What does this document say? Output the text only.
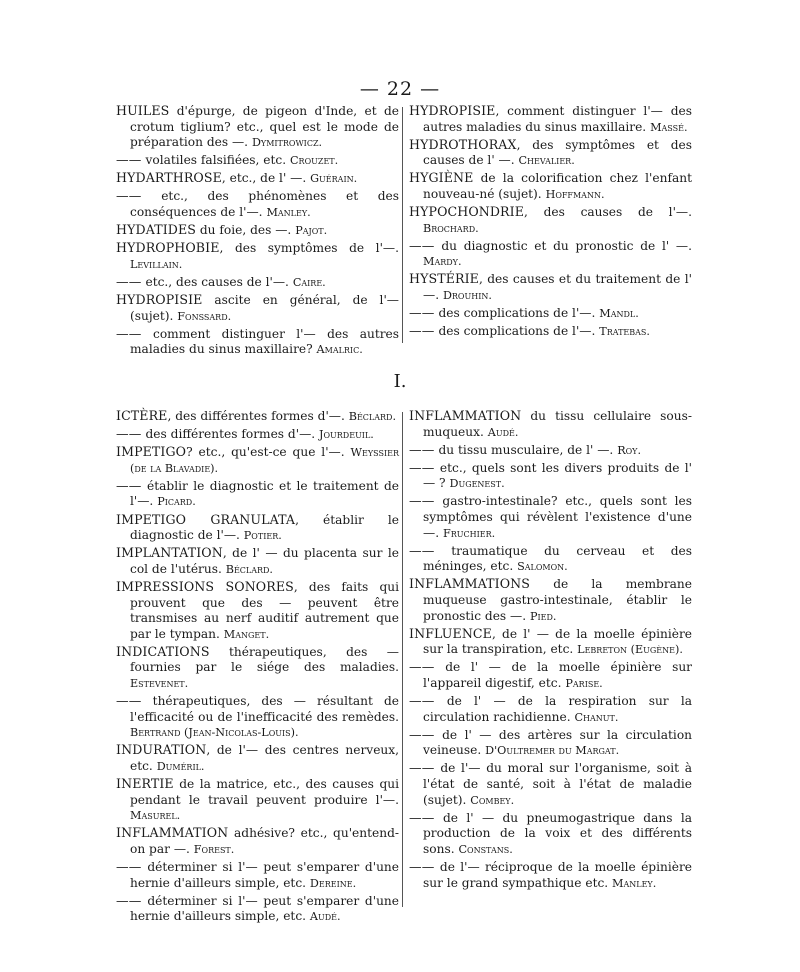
— 22 —
HUILES d'épurge, de pigeon d'Inde, et de crotum tiglium? etc., quel est le mode de préparation des —. Dymitrowicz.
—— volatiles falsifiées, etc. Crouzet.
HYDARTHROSE, etc., de l' —. Guérain.
—— etc., des phénomènes et des conséquences de l'—. Manley.
HYDATIDES du foie, des —. Pajot.
HYDROPHOBIE, des symptômes de l'—. Levillain.
—— etc., des causes de l'—. Caire.
HYDROPISIE ascite en général, de l'— (sujet). Fonssard.
—— comment distinguer l'— des autres maladies du sinus maxillaire? Amalric.
HYDROPISIE, comment distinguer l'— des autres maladies du sinus maxillaire. Massé.
HYDROTHORAX, des symptômes et des causes de l' —. Chevalier.
HYGIÈNE de la colorification chez l'enfant nouveau-né (sujet). Hoffmann.
HYPOCHONDRIE, des causes de l'—. Brochard.
—— du diagnostic et du pronostic de l' —. Mardy.
HYSTÉRIE, des causes et du traitement de l' —. Drouhin.
—— des complications de l'—. Mandl.
—— des complications de l'—. Tratebas.
I.
ICTÈRE, des différentes formes d'—. Béclard.
—— des différentes formes d'—. Jourdeuil.
IMPETIGO? etc., qu'est-ce que l'—. Weyssier (de la Blavadie).
—— établir le diagnostic et le traitement de l'—. Picard.
IMPETIGO GRANULATA, établir le diagnostic de l'—. Potier.
IMPLANTATION, de l' — du placenta sur le col de l'utérus. Béclard.
IMPRESSIONS SONORES, des faits qui prouvent que des — peuvent être transmises au nerf auditif autrement que par le tympan. Manget.
INDICATIONS thérapeutiques, des — fournies par le siége des maladies. Estevenet.
—— thérapeutiques, des — résultant de l'efficacité ou de l'inefficacité des remèdes. Bertrand (Jean-Nicolas-Louis).
INDURATION, de l'— des centres nerveux, etc. Duméril.
INERTIE de la matrice, etc., des causes qui pendant le travail peuvent produire l'—. Masurel.
INFLAMMATION adhésive? etc., qu'entend-on par —. Forest.
—— déterminer si l'— peut s'emparer d'une hernie d'ailleurs simple, etc. Dereine.
—— déterminer si l'— peut s'emparer d'une hernie d'ailleurs simple, etc. Audé.
INFLAMMATION du tissu cellulaire sous-muqueux. Audé.
—— du tissu musculaire, de l' —. Roy.
—— etc., quels sont les divers produits de l' — ? Dugenest.
—— gastro-intestinale? etc., quels sont les symptômes qui révèlent l'existence d'une —. Fruchier.
—— traumatique du cerveau et des méninges, etc. Salomon.
INFLAMMATIONS de la membrane muqueuse gastro-intestinale, établir le pronostic des —. Pied.
INFLUENCE, de l' — de la moelle épinière sur la transpiration, etc. Lebreton (Eugène).
—— de l' — de la moelle épinière sur l'appareil digestif, etc. Parise.
—— de l' — de la respiration sur la circulation rachidienne. Chanut.
—— de l' — des artères sur la circulation veineuse. D'Oultremer du Margat.
—— de l'— du moral sur l'organisme, soit à l'état de santé, soit à l'état de maladie (sujet). Combey.
—— de l' — du pneumogastrique dans la production de la voix et des différents sons. Constans.
—— de l'— réciproque de la moelle épinière sur le grand sympathique etc. Manley.
